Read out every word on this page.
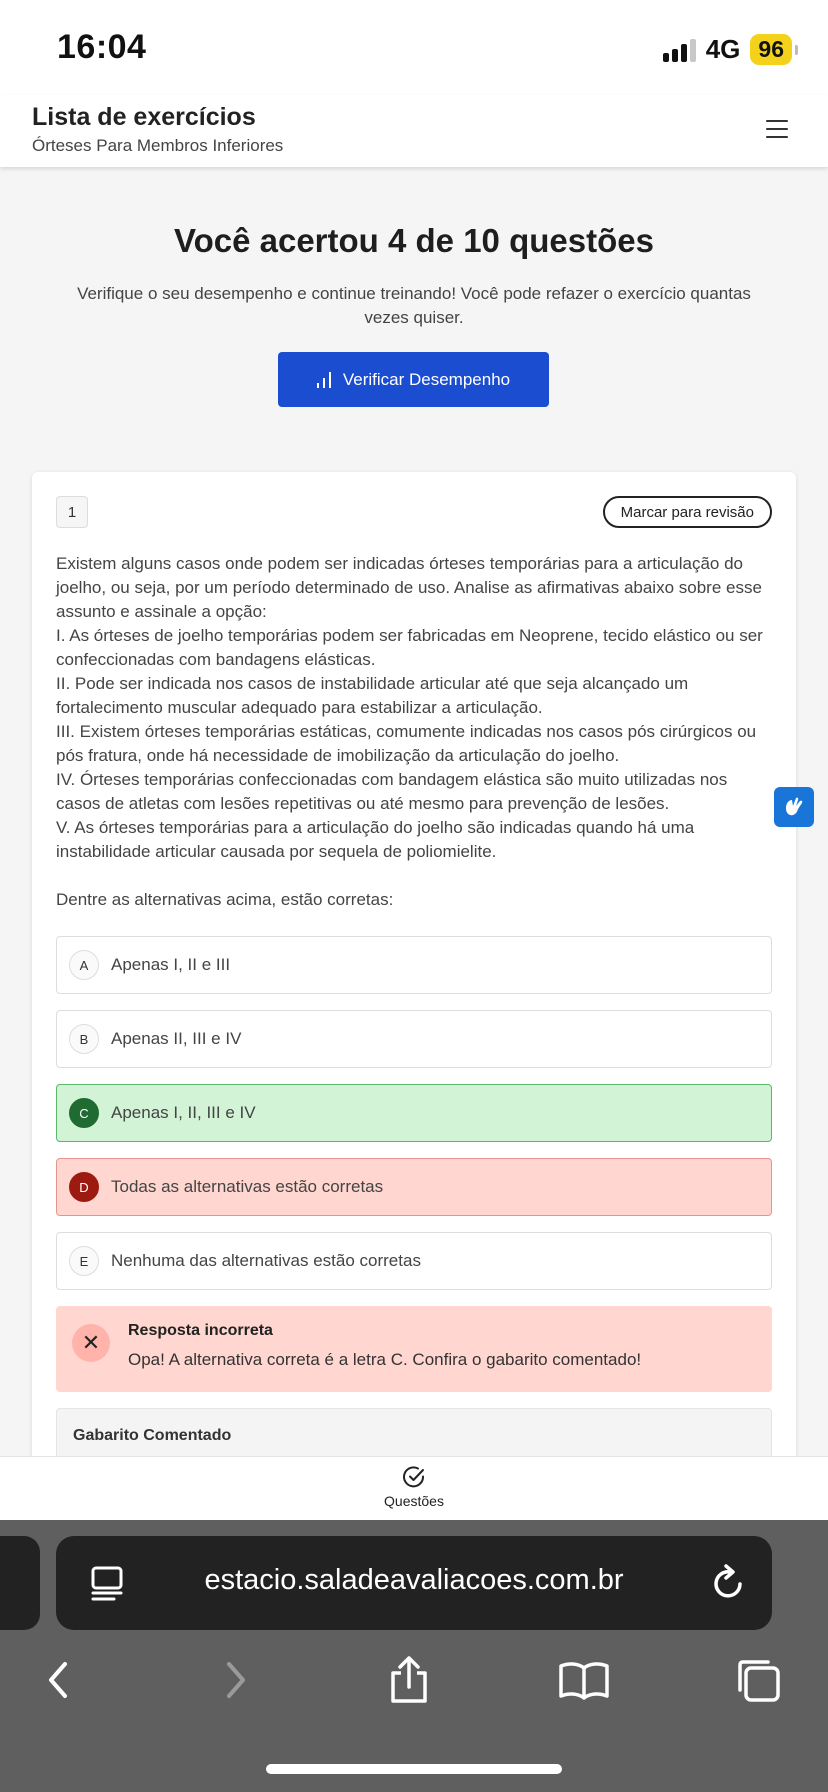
16:04	4G 96
Lista de exercícios
Órteses Para Membros Inferiores
Você acertou 4 de 10 questões
Verifique o seu desempenho e continue treinando! Você pode refazer o exercício quantas vezes quiser.
Verificar Desempenho
1	Marcar para revisão

Existem alguns casos onde podem ser indicadas órteses temporárias para a articulação do joelho, ou seja, por um período determinado de uso. Analise as afirmativas abaixo sobre esse assunto e assinale a opção:

I. As órteses de joelho temporárias podem ser fabricadas em Neoprene, tecido elástico ou ser confeccionadas com bandagens elásticas.

II. Pode ser indicada nos casos de instabilidade articular até que seja alcançado um fortalecimento muscular adequado para estabilizar a articulação.

III. Existem órteses temporárias estáticas, comumente indicadas nos casos pós cirúrgicos ou pós fratura, onde há necessidade de imobilização da articulação do joelho.

IV. Órteses temporárias confeccionadas com bandagem elástica são muito utilizadas nos casos de atletas com lesões repetitivas ou até mesmo para prevenção de lesões.

V. As órteses temporárias para a articulação do joelho são indicadas quando há uma instabilidade articular causada por sequela de poliomielite.

Dentre as alternativas acima, estão corretas:

A	Apenas I, II e III
B	Apenas II, III e IV
C	Apenas I, II, III e IV
D	Todas as alternativas estão corretas
E	Nenhuma das alternativas estão corretas
✕	Resposta incorreta
Opa! A alternativa correta é a letra C. Confira o gabarito comentado!
Gabarito Comentado
Questões
estacio.saladeavaliacoes.com.br
